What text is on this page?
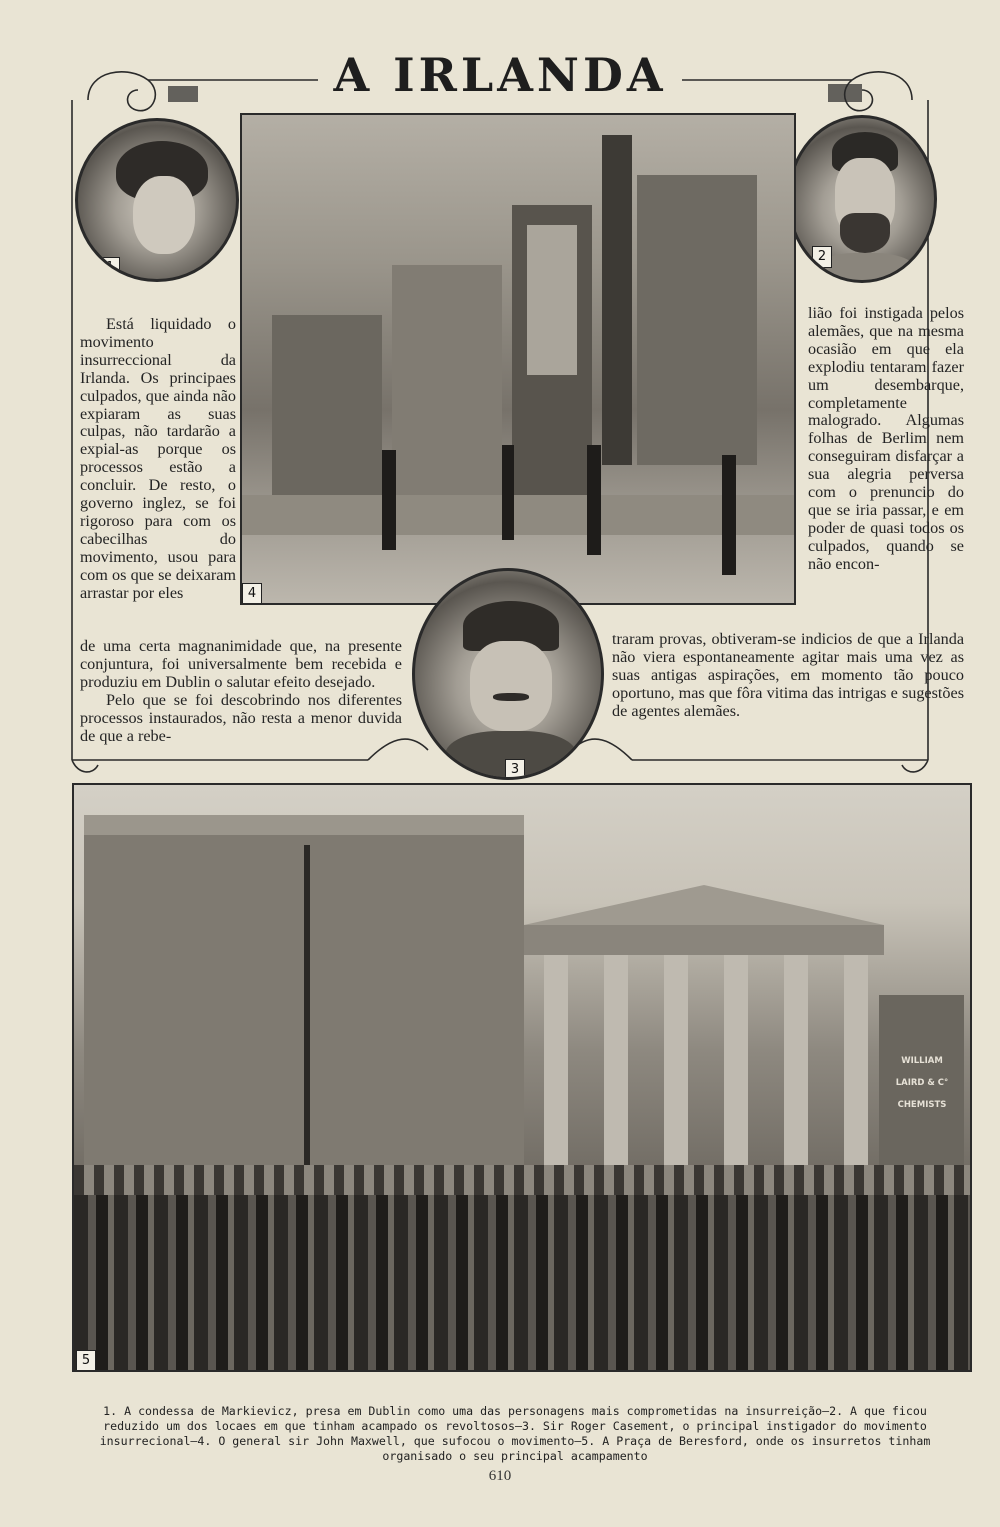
A IRLANDA
1
2
4
3

Está liquidado o movimento insurreccional da Irlanda. Os principaes culpados, que ainda não expiaram as suas culpas, não tardarão a expial-as porque os processos estão a concluir. De resto, o governo inglez, se foi rigoroso para com os cabecilhas do movimento, usou para com os que se deixaram arrastar por eles

de uma certa magnanimidade que, na presente conjuntura, foi universalmente bem recebida e produziu em Dublin o salutar efeito desejado.

Pelo que se foi descobrindo nos diferentes processos instaurados, não resta a menor duvida de que a rebe-

lião foi instigada pelos alemães, que na mesma ocasião em que ela explodiu tentaram fazer um desembarque, completamente malogrado. Algumas folhas de Berlim nem conseguiram disfarçar a sua alegria perversa com o prenuncio do que se iria passar, e em poder de quasi todos os culpados, quando se não encon-

traram provas, obtiveram-se indicios de que a Irlanda não viera espontaneamente agitar mais uma vez as suas antigas aspirações, em momento tão pouco oportuno, mas que fôra vitima das intrigas e sugestões de agentes alemães.

WILLIAM
LAIRD & C°
CHEMISTS
5
1. A condessa de Markievicz, presa em Dublin como uma das personagens mais comprometidas na insurreição—2. A que ficou reduzido um dos locaes em que tinham acampado os revoltosos—3. Sir Roger Casement, o principal instigador do movimento insurrecional—4. O general sir John Maxwell, que sufocou o movimento—5. A Praça de Beresford, onde os insurretos tinham organisado o seu principal acampamento
610
